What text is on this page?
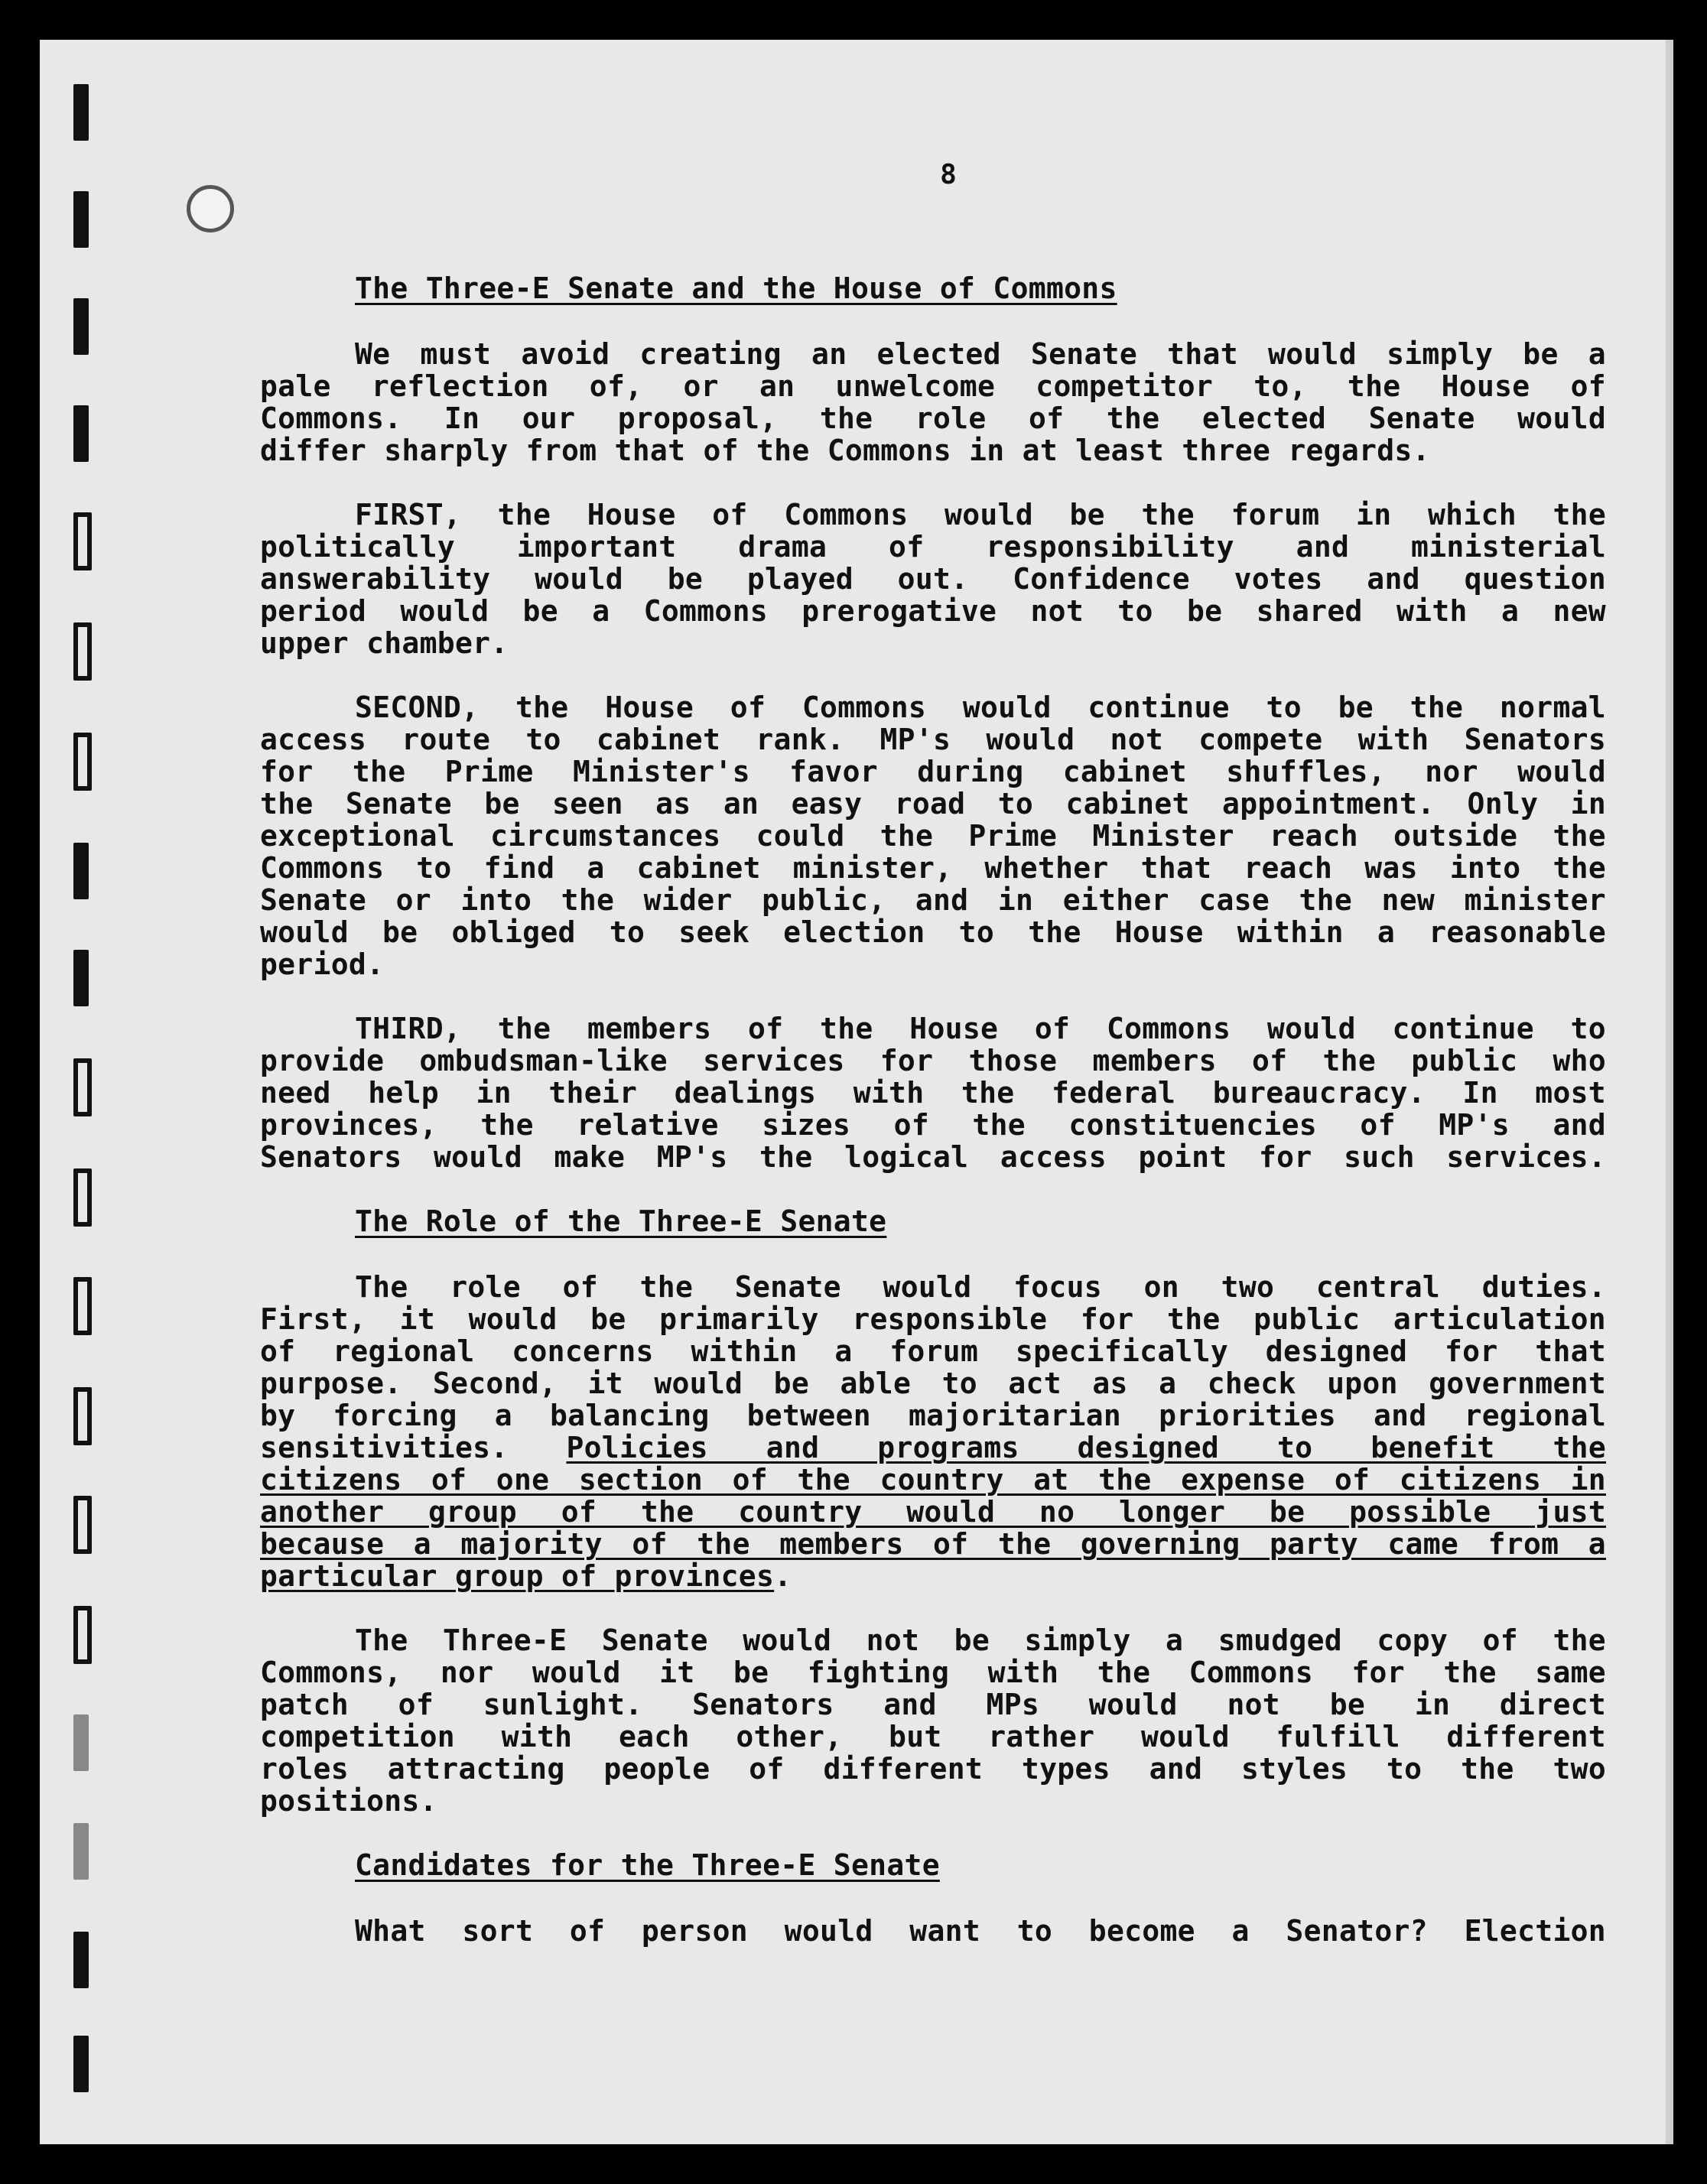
8
The Three-E Senate and the House of Commons
We must avoid creating an elected Senate that would simply be a
pale reflection of, or an unwelcome competitor to, the House of
Commons. In our proposal, the role of the elected Senate would
differ sharply from that of the Commons in at least three regards.
FIRST, the House of Commons would be the forum in which the
politically important drama of responsibility and ministerial
answerability would be played out. Confidence votes and question
period would be a Commons prerogative not to be shared with a new
upper chamber.
SECOND, the House of Commons would continue to be the normal
access route to cabinet rank. MP's would not compete with Senators
for the Prime Minister's favor during cabinet shuffles, nor would
the Senate be seen as an easy road to cabinet appointment. Only in
exceptional circumstances could the Prime Minister reach outside the
Commons to find a cabinet minister, whether that reach was into the
Senate or into the wider public, and in either case the new minister
would be obliged to seek election to the House within a reasonable
period.
THIRD, the members of the House of Commons would continue to
provide ombudsman-like services for those members of the public who
need help in their dealings with the federal bureaucracy. In most
provinces, the relative sizes of the constituencies of MP's and
Senators would make MP's the logical access point for such services.
The Role of the Three-E Senate
The role of the Senate would focus on two central duties.
First, it would be primarily responsible for the public articulation
of regional concerns within a forum specifically designed for that
purpose. Second, it would be able to act as a check upon government
by forcing a balancing between majoritarian priorities and regional
sensitivities. Policies and programs designed to benefit the
citizens of one section of the country at the expense of citizens in
another group of the country would no longer be possible just
because a majority of the members of the governing party came from a
particular group of provinces.
The Three-E Senate would not be simply a smudged copy of the
Commons, nor would it be fighting with the Commons for the same
patch of sunlight. Senators and MPs would not be in direct
competition with each other, but rather would fulfill different
roles attracting people of different types and styles to the two
positions.
Candidates for the Three-E Senate
What sort of person would want to become a Senator? Election
